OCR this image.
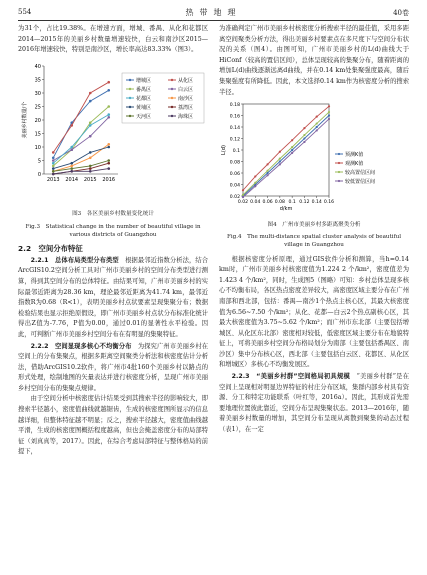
554	热带地理	40卷

为31个，占比19.38%。在增速方面，增城、番禺、从化和花都区2014—2015年的美丽乡村数量增速较快，白云和南沙区2015—2016年增速较快，特别是南沙区，增长率高达83.33%（图3）。

0
5
10
15
20
25
30
35
40
2013 2014 2015 2016
美丽乡村数量/个
增城区	从化区
番禺区	白云区
花都区	南沙区
黄埔区	荔湾区
天河区	海珠区
图3　各区美丽乡村数量变化统计
Fig.3　Statistical change in the number of beautiful village in various districts of Guangzhou
2.2　空间分布特征

2.2.1　总体布局类型分布类型　 根据最邻近指数分析法，结合ArcGIS10.2空间分析工具对广州市美丽乡村的空间分布类型进行测算，得到其空间分布的总体特征。由结果可知，广州市美丽乡村的实际最邻近距离为28.36 km，理论最邻近距离为41.74 km，最邻近指数R为0.68（R<1），表明美丽乡村点状要素呈现集聚分布；数据检验结果也显示拒绝原假设，即广州市美丽乡村点状分布标准化统计得出Z值为-7.76，P值为0.00，通过0.01的显著性水平检验。因此，可判断广州市美丽乡村空间分布在有明显的集聚特征。

2.2.2　空间显现多核心不均衡分布　 为探究广州市美丽乡村在空间上的分布集聚点，根据多距离空间聚类分析法和核密度估计分析法，借助ArcGIS10.2软件，将广州市4批160个美丽乡村以路点的形式处理，绘制地图的矢量表达并进行核密度分析，呈现广州市美丽乡村空间分布的集聚点规律。

由于空间分析中核密度估计结果受到其搜索半径的影响较大，即搜索半径越小，密度值曲线就越锯齿，生成的核密度图所显示的信息越详细，但整体特征越不明显；反之，搜索半径越大，密度值曲线越平滑，生成的核密度图概括程度越高，但也会掩盖密度分布的局部特征（刘真真等，2017）。因此，在综合考虑局部特征与整体格局的前提下，

为准确判定广州市美丽乡村核密度分析搜索半径的最佳值，采用多距离空间聚类分析方法，得出美丽乡村要素点在多尺度下与空间分布状况的关系（图4）。由图可知，广州市美丽乡村的L(d)曲线大于HiConf（较高的置信区间），总体呈现较高的集聚分布，随着距离的增加L(d)曲线逐渐远离d曲线，并在0.14 km处集聚强度最高，随后集聚强度有所降低。因此，本文选择0.14 km作为核密度分析的搜索半径。

0.02
0.04
0.06
0.08
0.1
0.12
0.14
0.16
0.18
0.02 0.04 0.06 0.08 0.1 0.12 0.14 0.16
d/km
L(d)
预测K值
观测K值
较高置信区间
较低置信区间
图4　广州市美丽乡村多距离聚类分析
Fig.4　The multi-distance spatial cluster analysis of beautiful village in Guangzhou

根据核密度分析原理，通过GIS软件分析和测算，当h=0.14 km时，广州市美丽乡村核密度值为1.224 2 个/km²，密度值差为1.423 4 个/km²，同时，生成图5（图略）可知：乡村总体呈现多核心不均衡布局，各区热点密度差异较大，高密度区域主要分布在广州南部和西北部，包括：番禺—南沙1个热点主核心区，其最大核密度值为6.56~7.50 个/km²；从化、花都—白云2个热点副核心区，其最大核密度值为3.75~5.62 个/km²；而广州市东北部（主要包括增城区、从化区东北部）密度相对较低，低密度区域主要分布在地貌特征上，可将美丽乡村空间分布格局划分为南部（主要包括番禺区、南沙区）集中分布核心区，西北部（主要包括白云区、花都区、从化区和增城区）多核心不均衡发展区。

2.2.3　“美丽乡村群”空间格局初具规模　 “美丽乡村群”是在空间上呈现相对明显边界特征的村庄分布区域，集群内部乡村具有资源、分工和特定功能联系（叶红等，2016a）。因此，其形成首先需要地理位置彼此靠近，空间分布呈现集聚状态。2013—2016年，随着美丽乡村数量的增加，其空间分布呈现从离散到聚集的动态过程（表1），在一定
